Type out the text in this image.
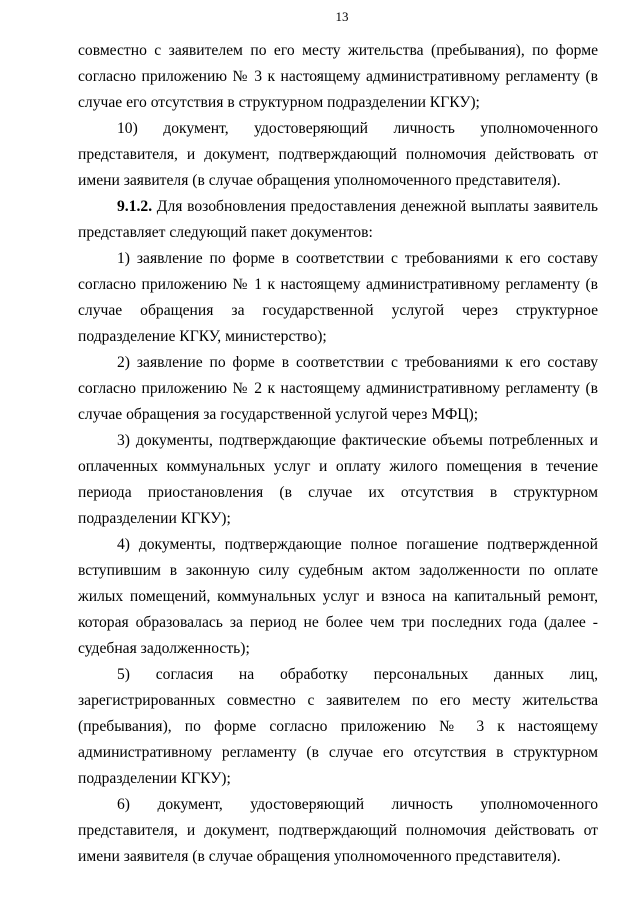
13

совместно с заявителем по его месту жительства (пребывания), по форме согласно приложению № 3 к настоящему административному регламенту (в случае его отсутствия в структурном подразделении КГКУ);

10) документ, удостоверяющий личность уполномоченного представителя, и документ, подтверждающий полномочия действовать от имени заявителя (в случае обращения уполномоченного представителя).

9.1.2. Для возобновления предоставления денежной выплаты заявитель представляет следующий пакет документов:

1) заявление по форме в соответствии с требованиями к его составу согласно приложению № 1 к настоящему административному регламенту (в случае обращения за государственной услугой через структурное подразделение КГКУ, министерство);

2) заявление по форме в соответствии с требованиями к его составу согласно приложению № 2 к настоящему административному регламенту (в случае обращения за государственной услугой через МФЦ);

3) документы, подтверждающие фактические объемы потребленных и оплаченных коммунальных услуг и оплату жилого помещения в течение периода приостановления (в случае их отсутствия в структурном подразделении КГКУ);

4) документы, подтверждающие полное погашение подтвержденной вступившим в законную силу судебным актом задолженности по оплате жилых помещений, коммунальных услуг и взноса на капитальный ремонт, которая образовалась за период не более чем три последних года (далее - судебная задолженность);

5) согласия на обработку персональных данных лиц, зарегистрированных совместно с заявителем по его месту жительства (пребывания), по форме согласно приложению № 3 к настоящему административному регламенту (в случае его отсутствия в структурном подразделении КГКУ);

6) документ, удостоверяющий личность уполномоченного представителя, и документ, подтверждающий полномочия действовать от имени заявителя (в случае обращения уполномоченного представителя).
